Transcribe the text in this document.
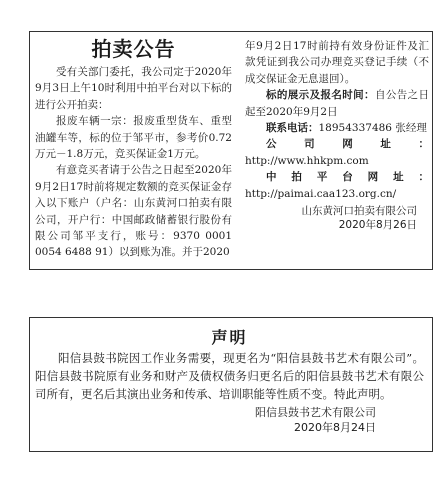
拍卖公告

受有关部门委托，我公司定于2020年9月3日上午10时利用中拍平台对以下标的进行公开拍卖：

报废车辆一宗：报废重型货车、重型油罐车等，标的位于邹平市，参考价0.72万元－1.8万元，竞买保证金1万元。

有意竞买者请于公告之日起至2020年9月2日17时前将规定数额的竞买保证金存入以下账户（户名：山东黄河口拍卖有限公司，开户行：中国邮政储蓄银行股份有限公司邹平支行，账号：9370 0001 0054 6488 91）以到账为准。并于2020

年9月2日17时前持有效身份证件及汇款凭证到我公司办理竞买登记手续（不成交保证金无息退回）。

标的展示及报名时间：自公告之日起至2020年9月2日

联系电话：18954337486 张经理

公司网址：http://www.hhkpm.com

中拍平台网址：http://paimai.caa123.org.cn/

山东黄河口拍卖有限公司

2020年8月26日

声明

阳信县鼓书院因工作业务需要，现更名为“阳信县鼓书艺术有限公司”。阳信县鼓书院原有业务和财产及债权债务归更名后的阳信县鼓书艺术有限公司所有，更名后其演出业务和传承、培训职能等性质不变。特此声明。

阳信县鼓书艺术有限公司

2020年8月24日
